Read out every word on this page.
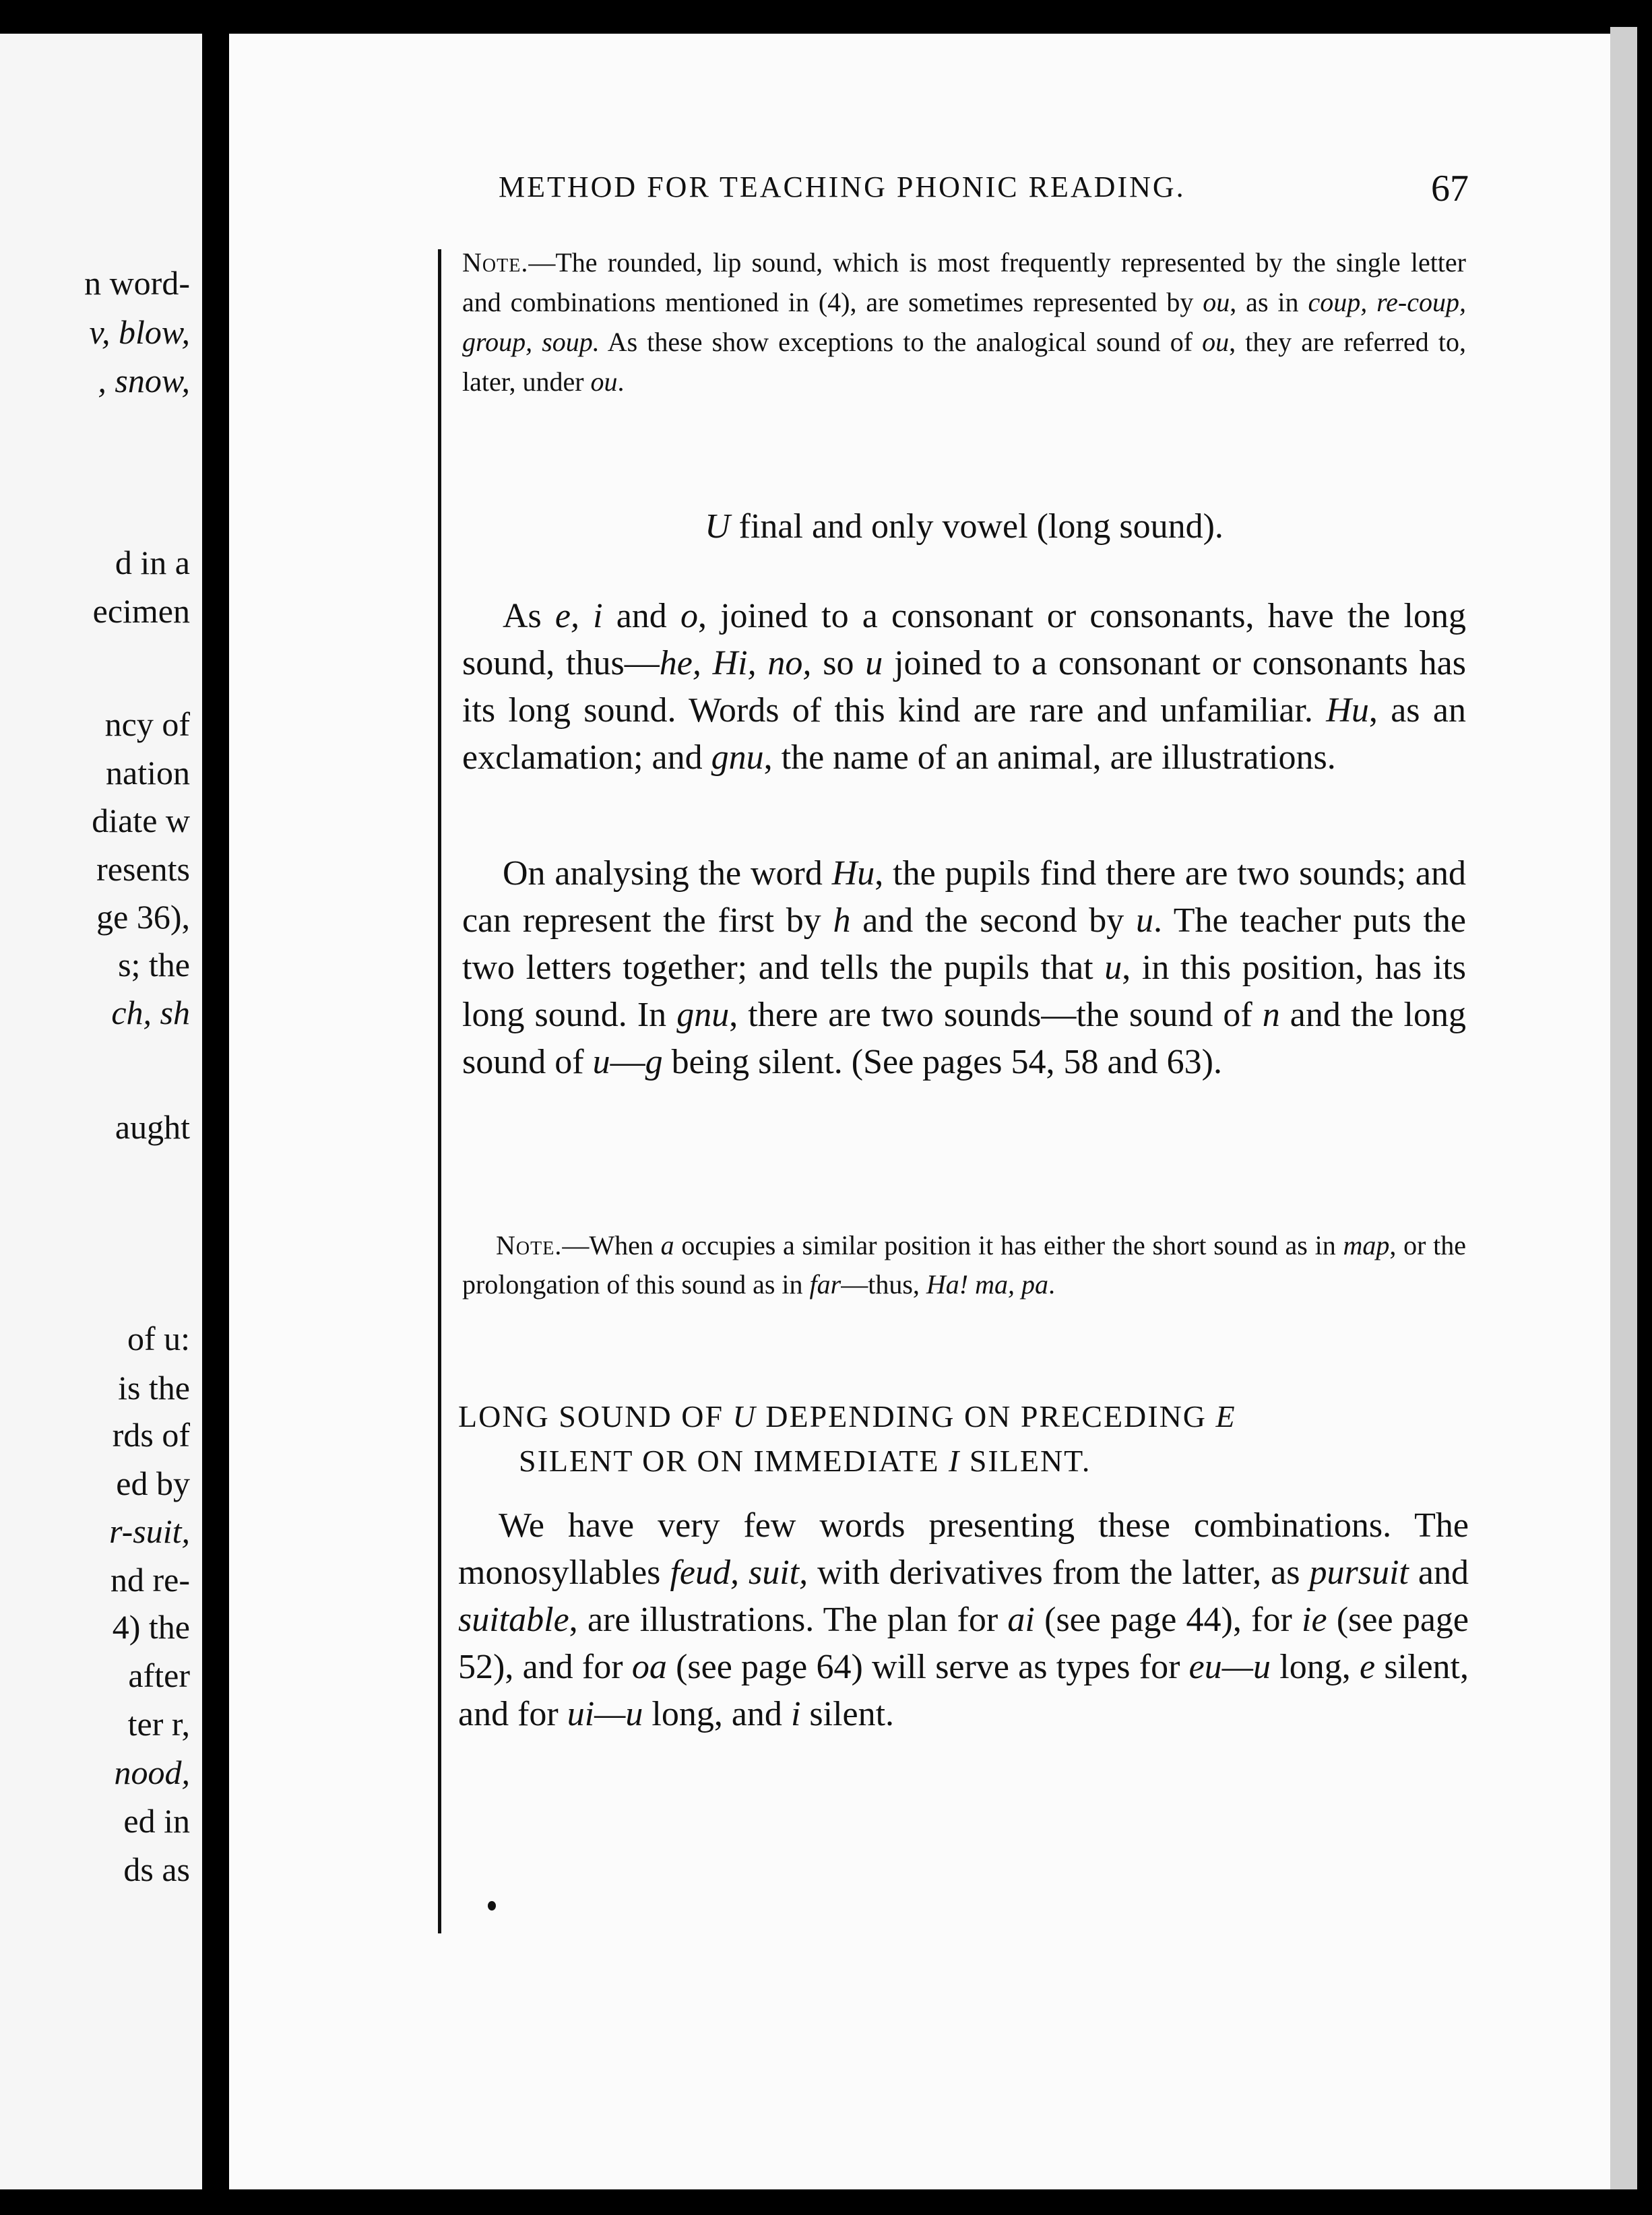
n word-
v, blow,
, snow,
d in a
ecimen
ncy of
nation
diate w
resents
ge 36),
s; the
ch, sh
aught
of u:
is the
rds of
ed by
r-suit,
nd re-
4) the
after
ter r,
nood,
ed in
ds as
METHOD FOR TEACHING PHONIC READING.	67
Note.—The rounded, lip sound, which is most frequently represented by the single letter and combinations mentioned in (4), are sometimes represented by ou, as in coup, re-coup, group, soup. As these show exceptions to the analogical sound of ou, they are referred to, later, under ou.
U final and only vowel (long sound).
As e, i and o, joined to a consonant or consonants, have the long sound, thus—he, Hi, no, so u joined to a consonant or consonants has its long sound. Words of this kind are rare and unfamiliar. Hu, as an exclamation; and gnu, the name of an animal, are illustrations.
On analysing the word Hu, the pupils find there are two sounds; and can represent the first by h and the second by u. The teacher puts the two letters together; and tells the pupils that u, in this position, has its long sound. In gnu, there are two sounds—the sound of n and the long sound of u—g being silent. (See pages 54, 58 and 63).
Note.—When a occupies a similar position it has either the short sound as in map, or the prolongation of this sound as in far—thus, Ha! ma, pa.
LONG SOUND OF U DEPENDING ON PRECEDING E
SILENT OR ON IMMEDIATE I SILENT.
We have very few words presenting these combinations. The monosyllables feud, suit, with derivatives from the latter, as pursuit and suitable, are illustrations. The plan for ai (see page 44), for ie (see page 52), and for oa (see page 64) will serve as types for eu—u long, e silent, and for ui—u long, and i silent.
